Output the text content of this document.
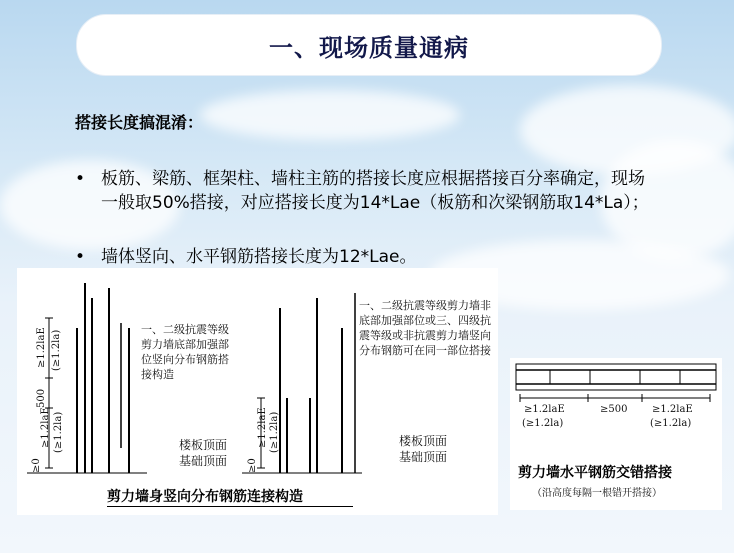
一、现场质量通病
搭接长度搞混淆：
• 板筋、梁筋、框架柱、墙柱主筋的搭接长度应根据搭接百分率确定，现场一般取50%搭接，对应搭接长度为14*Lae（板筋和次梁钢筋取14*La）；
• 墙体竖向、水平钢筋搭接长度为12*Lae。
≥0
≥1.2laE (≥1.2la)
500
≥1.2laE (≥1.2la)
≥0
≥1.2laE (≥1.2la)
一、二级抗震等级剪力墙底部加强部位竖向分布钢筋搭接构造
一、二级抗震等级剪力墙非底部加强部位或三、四级抗震等级或非抗震剪力墙竖向分布钢筋可在同一部位搭接
楼板顶面
基础顶面
楼板顶面
基础顶面
剪力墙身竖向分布钢筋连接构造
≥1.2laE
(≥1.2la)
≥500 ≥1.2laE
(≥1.2la)
剪力墙水平钢筋交错搭接
（沿高度每隔一根错开搭接）
